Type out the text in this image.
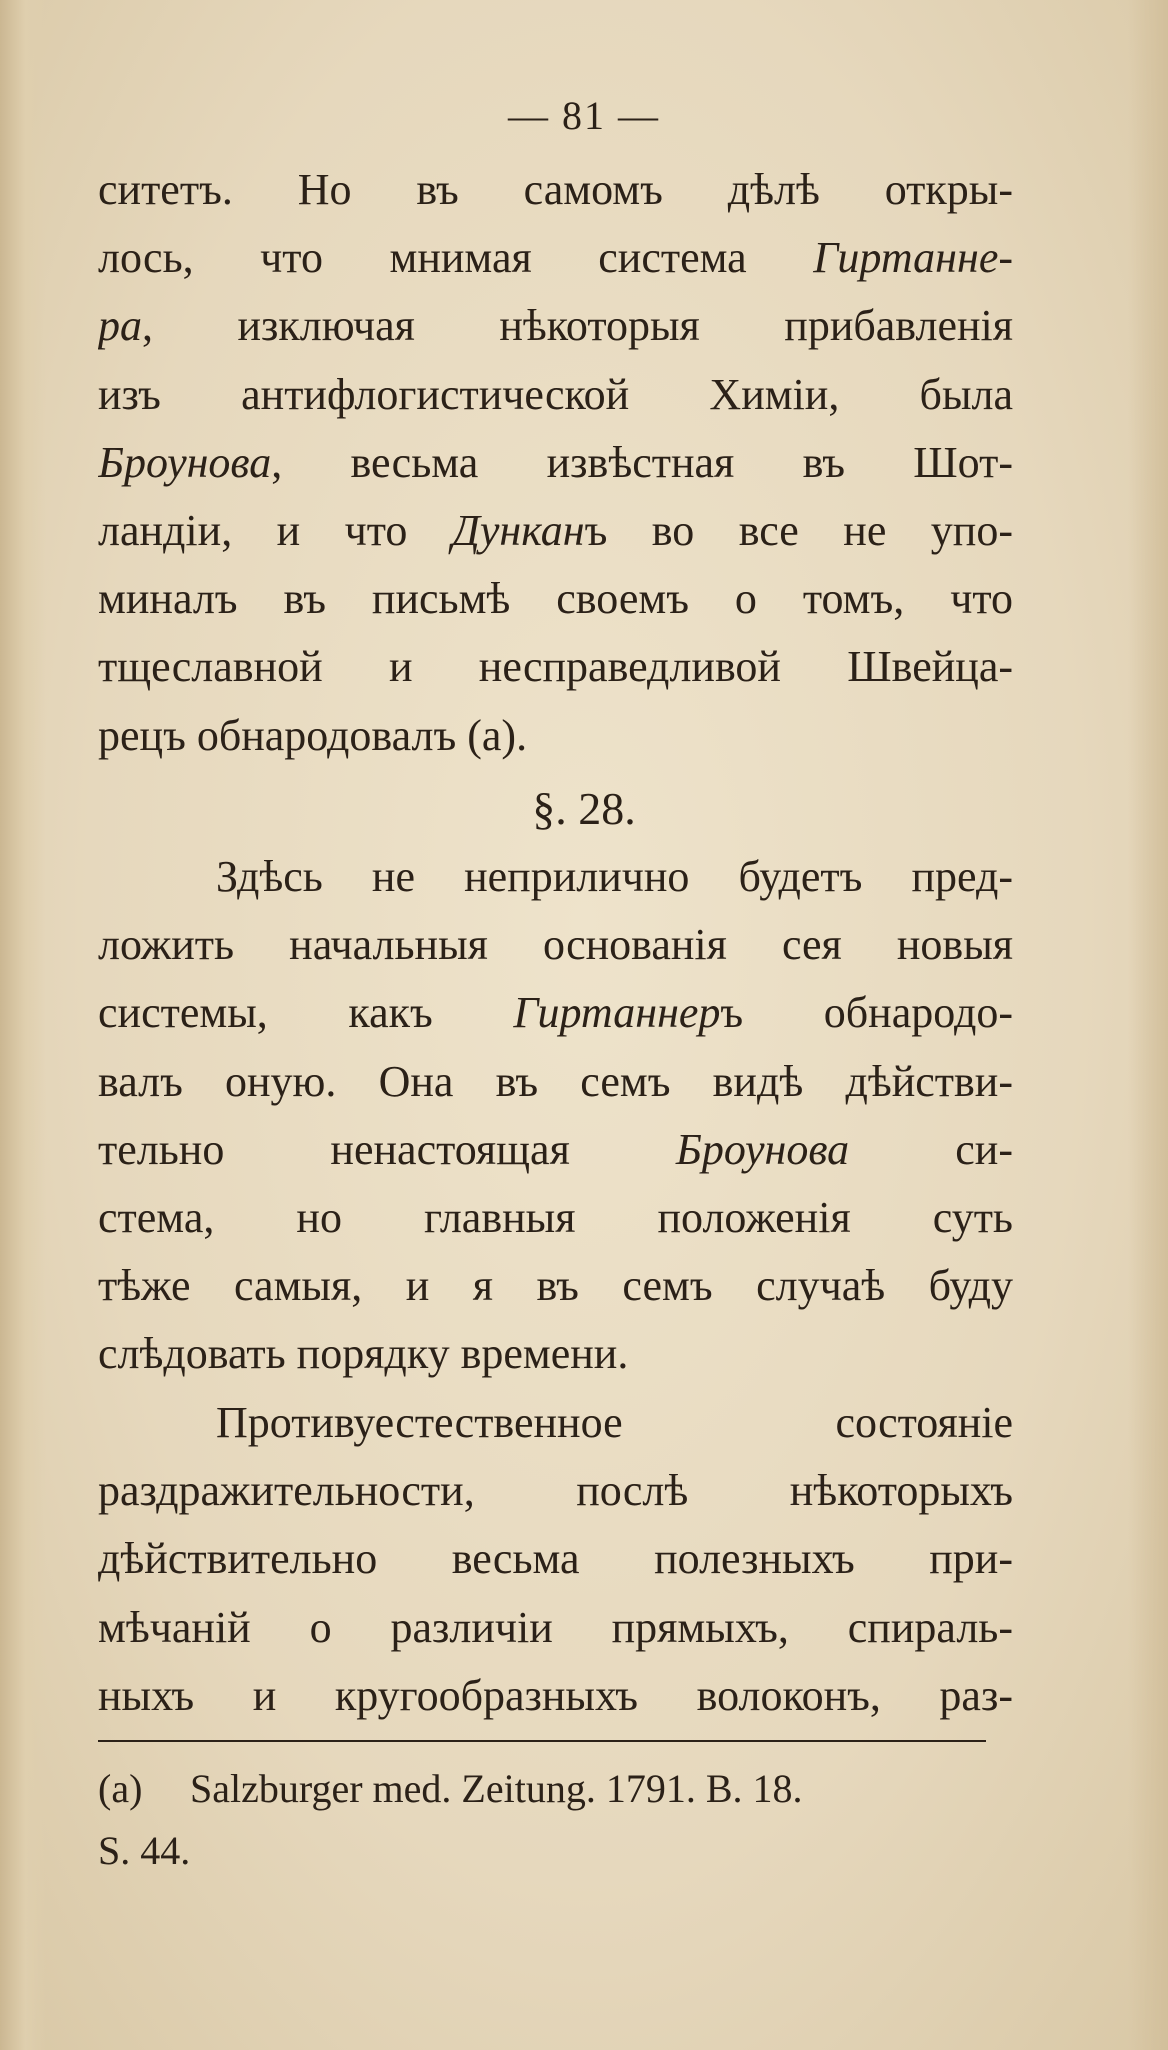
— 81 —
ситетъ. Но въ самомъ дѣлѣ откры-
лось, что мнимая система Гиртанне-
ра, изключая нѣкоторыя прибавленія
изъ антифлогистической Химіи, была
Броунова, весьма извѣстная въ Шот-
ландіи, и что Дунканъ во все не упо-
миналъ въ письмѣ своемъ о томъ, что
тщеславной и несправедливой Швейца-
рецъ обнародовалъ (а).
§. 28.
Здѣсь не неприлично будетъ пред-
ложить начальныя основанія сея новыя
системы, какъ Гиртаннеръ обнародо-
валъ оную. Она въ семъ видѣ дѣйстви-
тельно ненастоящая Броунова си-
стема, но главныя положенія суть
тѣже самыя, и я въ семъ случаѣ буду
слѣдовать порядку времени.
Противуестественное состояніе
раздражительности, послѣ нѣкоторыхъ
дѣйствительно весьма полезныхъ при-
мѣчаній о различіи прямыхъ, спираль-
ныхъ и кругообразныхъ волоконъ, раз-
(а) Salzburger med. Zeitung. 1791. B. 18.
S. 44.
